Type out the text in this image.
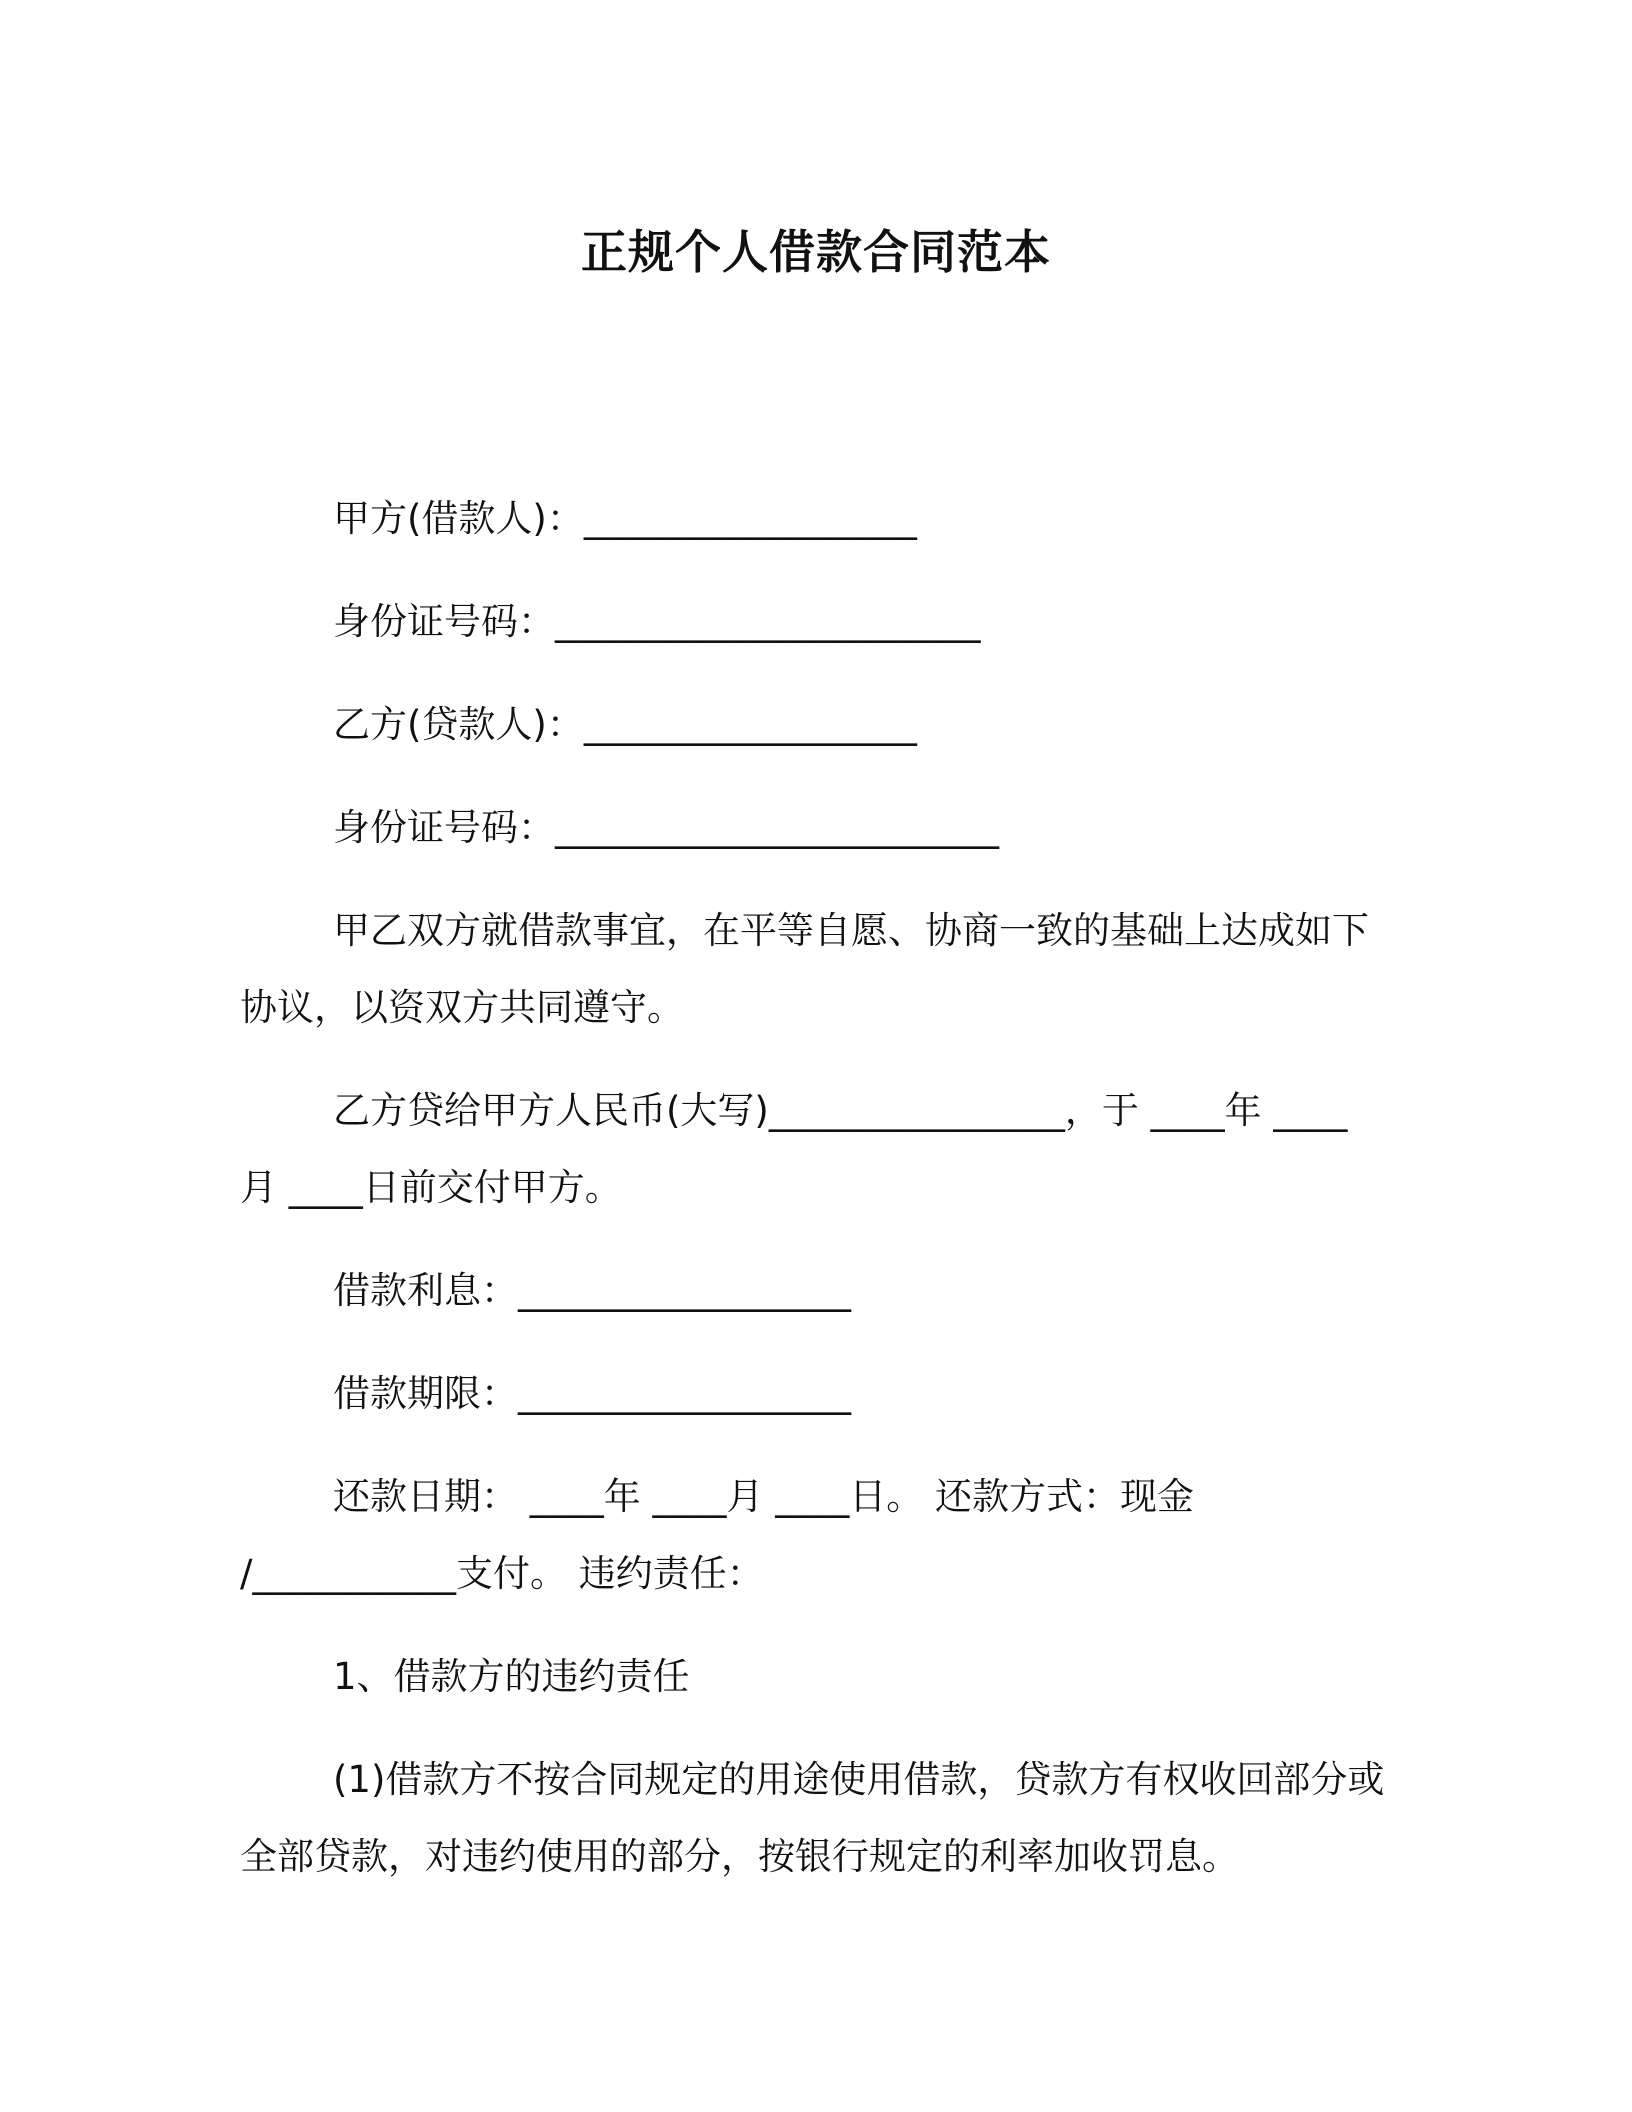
正规个人借款合同范本
甲方(借款人)：__________________
身份证号码：_______________________
乙方(贷款人)：__________________
身份证号码：________________________
甲乙双方就借款事宜，在平等自愿、协商一致的基础上达成如下
协议，以资双方共同遵守。
乙方贷给甲方人民币(大写)________________，于 ____年 ____
月 ____日前交付甲方。
借款利息：__________________
借款期限：__________________
还款日期： ____年 ____月 ____日。 还款方式：现金
/___________支付。 违约责任：
1、借款方的违约责任
(1)借款方不按合同规定的用途使用借款，贷款方有权收回部分或
全部贷款，对违约使用的部分，按银行规定的利率加收罚息。
